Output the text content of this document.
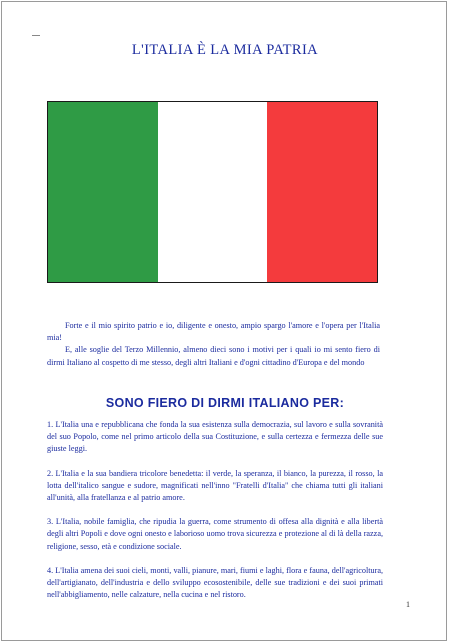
L'ITALIA È LA MIA PATRIA

Forte e il mio spirito patrio e io, diligente e onesto, ampio spargo l'amore e l'opera per l'Italia mia!

E, alle soglie del Terzo Millennio, almeno dieci sono i motivi per i quali io mi sento fiero di dirmi Italiano al cospetto di me stesso, degli altri Italiani e d'ogni cittadino d'Europa e del mondo

SONO FIERO DI DIRMI ITALIANO PER:

1. L'Italia una e repubblicana che fonda la sua esistenza sulla democrazia, sul lavoro e sulla sovranità del suo Popolo, come nel primo articolo della sua Costituzione, e sulla certezza e fermezza delle sue giuste leggi.

2. L'Italia e la sua bandiera tricolore benedetta: il verde, la speranza, il bianco, la purezza, il rosso, la lotta dell'italico sangue e sudore, magnificati nell'inno "Fratelli d'Italia" che chiama tutti gli italiani all'unità, alla fratellanza e al patrio amore.

3. L'Italia, nobile famiglia, che ripudia la guerra, come strumento di offesa alla dignità e alla libertà degli altri Popoli e dove ogni onesto e laborioso uomo trova sicurezza e protezione al di là della razza, religione, sesso, età e condizione sociale.

4. L'Italia amena dei suoi cieli, monti, valli, pianure, mari, fiumi e laghi, flora e fauna, dell'agricoltura, dell'artigianato, dell'industria e dello sviluppo ecosostenibile, delle sue tradizioni e dei suoi primati nell'abbigliamento, nelle calzature, nella cucina e nel ristoro.

1
